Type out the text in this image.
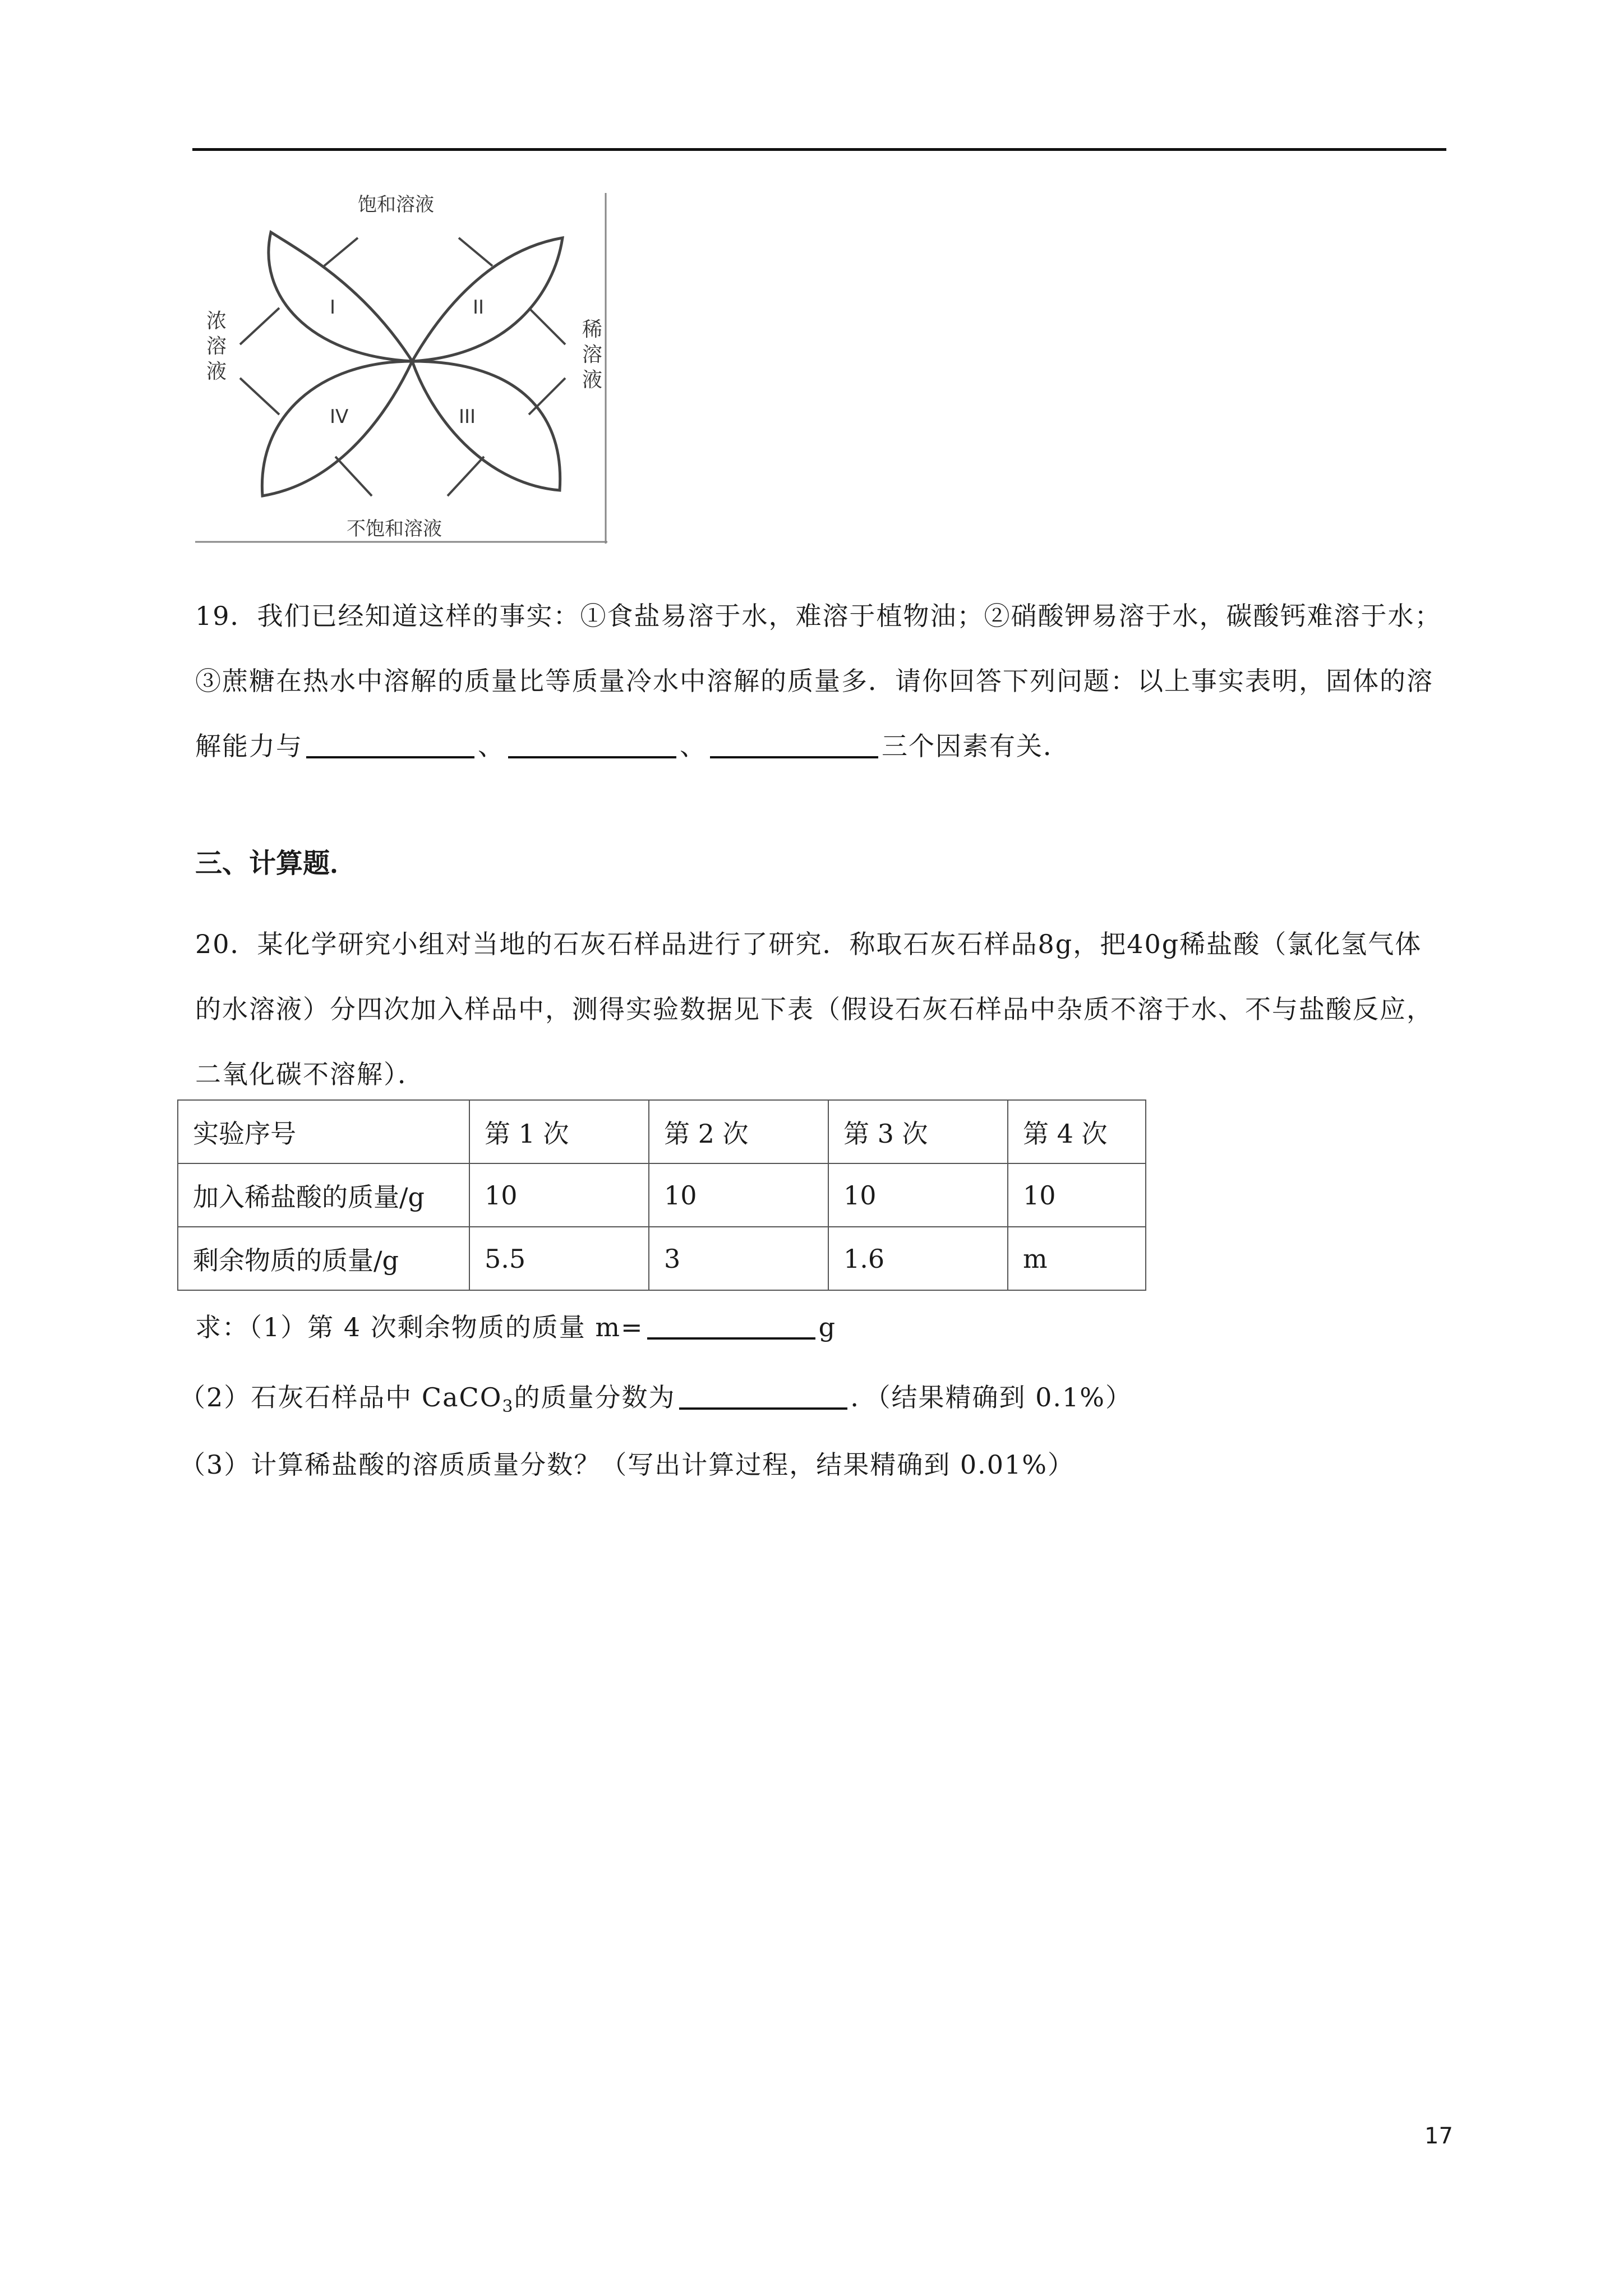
饱和溶液
不饱和溶液
浓
溶
液
稀
溶
液
I	II
III
IV
19．我们已经知道这样的事实：①食盐易溶于水，难溶于植物油；②硝酸钾易溶于水，碳酸钙难溶于水；③蔗糖在热水中溶解的质量比等质量冷水中溶解的质量多．请你回答下列问题：以上事实表明，固体的溶解能力与	、	、	三个因素有关．
三、计算题．
20．某化学研究小组对当地的石灰石样品进行了研究．称取石灰石样品8g，把40g稀盐酸（氯化氢气体的水溶液）分四次加入样品中，测得实验数据见下表（假设石灰石样品中杂质不溶于水、不与盐酸反应，二氧化碳不溶解）．
实验序号	第 1 次	第 2 次	第 3 次	第 4 次
加入稀盐酸的质量/g	10	10	10	10
剩余物质的质量/g	5.5	3	1.6	m
求：（1）第 4 次剩余物质的质量 m=	g
（2）石灰石样品中 CaCO$_3$的质量分数为	．（结果精确到 0.1%）
（3）计算稀盐酸的溶质质量分数？（写出计算过程，结果精确到 0.01%）
17
